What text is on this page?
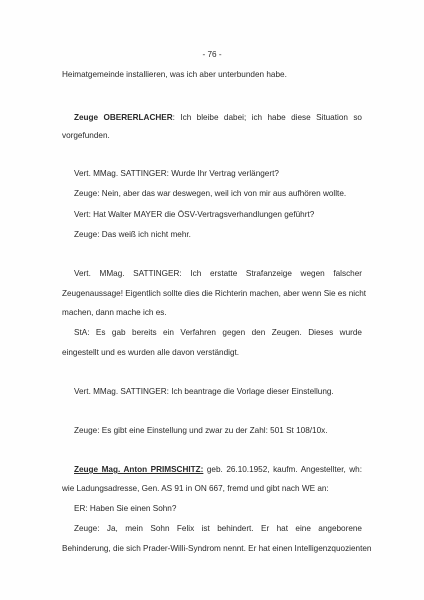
- 76 -
Heimatgemeinde installieren, was ich aber unterbunden habe.
Zeuge OBERERLACHER: Ich bleibe dabei; ich habe diese Situation so
vorgefunden.
Vert. MMag. SATTINGER: Wurde Ihr Vertrag verlängert?
Zeuge: Nein, aber das war deswegen, weil ich von mir aus aufhören wollte.
Vert: Hat Walter MAYER die ÖSV-Vertragsverhandlungen geführt?
Zeuge: Das weiß ich nicht mehr.
Vert. MMag. SATTINGER: Ich erstatte Strafanzeige wegen falscher
Zeugenaussage! Eigentlich sollte dies die Richterin machen, aber wenn Sie es nicht
machen, dann mache ich es.
StA: Es gab bereits ein Verfahren gegen den Zeugen. Dieses wurde
eingestellt und es wurden alle davon verständigt.
Vert. MMag. SATTINGER: Ich beantrage die Vorlage dieser Einstellung.
Zeuge: Es gibt eine Einstellung und zwar zu der Zahl: 501 St 108/10x.
Zeuge Mag. Anton PRIMSCHITZ: geb. 26.10.1952, kaufm. Angestellter, wh:
wie Ladungsadresse, Gen. AS 91 in ON 667, fremd und gibt nach WE an:
ER: Haben Sie einen Sohn?
Zeuge: Ja, mein Sohn Felix ist behindert. Er hat eine angeborene
Behinderung, die sich Prader-Willi-Syndrom nennt. Er hat einen Intelligenzquozienten
